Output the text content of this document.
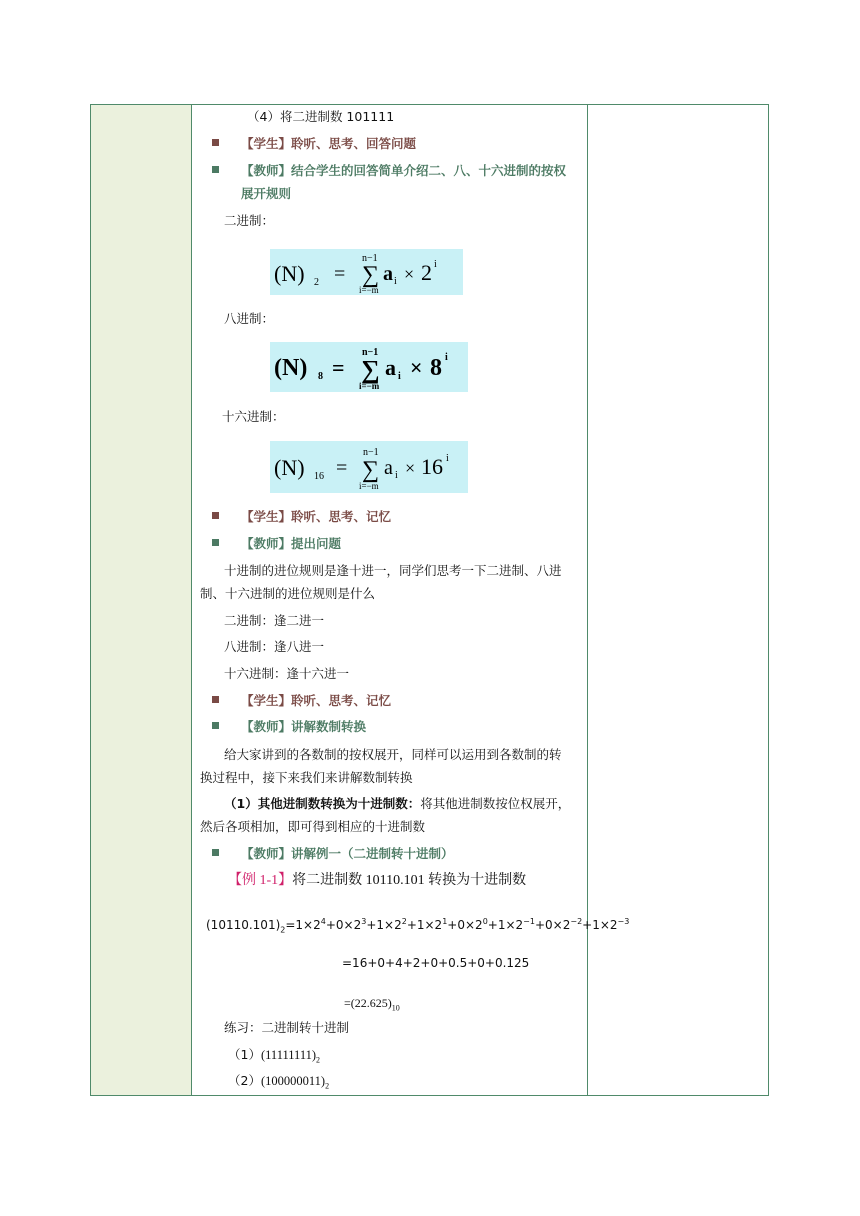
（4）将二进制数 101111
【学生】聆听、思考、回答问题
【教师】结合学生的回答简单介绍二、八、十六进制的按权
展开规则
二进制：
(N) 2 =
n−1
∑
i=−m
a i × 2 i
八进制：
(N) 8 =
n−1
∑
i=−m
a i × 8 i
十六进制：
(N) 16 =
n−1
∑
i=−m
a i × 16 i
【学生】聆听、思考、记忆
【教师】提出问题
十进制的进位规则是逢十进一，同学们思考一下二进制、八进
制、十六进制的进位规则是什么
二进制：逢二进一
八进制：逢八进一
十六进制：逢十六进一
【学生】聆听、思考、记忆
【教师】讲解数制转换
给大家讲到的各数制的按权展开，同样可以运用到各数制的转
换过程中，接下来我们来讲解数制转换
（1）其他进制数转换为十进制数：将其他进制数按位权展开，
然后各项相加，即可得到相应的十进制数
【教师】讲解例一（二进制转十进制）
【例 1-1】将二进制数 10110.101 转换为十进制数
$(10110.101)_2=1\times 2^4+0\times 2^3+1\times 2^2+1\times 2^1+0\times 2^0+1\times 2^{-1}+0\times 2^{-2}+1\times 2^{-3}$
=16+0+4+2+0+0.5+0+0.125
$=(22.625)_{10}$
练习：二进制转十进制
$(1)(11111111)_2$
$(2)(100000011)_2$
